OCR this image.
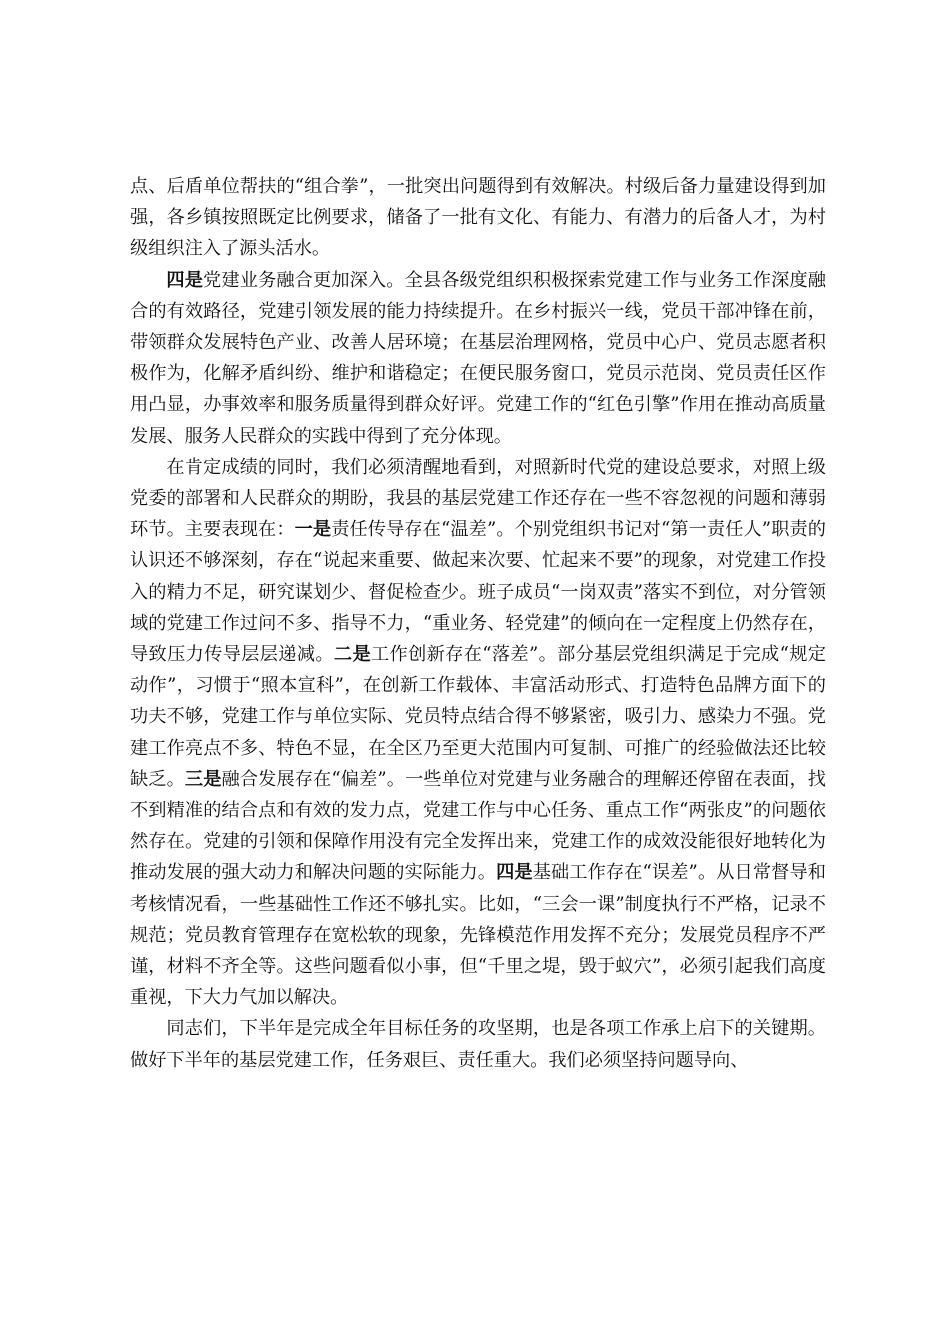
点、后盾单位帮扶的“组合拳”，一批突出问题得到有效解决。村级后备力量建设得到加强，各乡镇按照既定比例要求，储备了一批有文化、有能力、有潜力的后备人才，为村级组织注入了源头活水。

四是党建业务融合更加深入。全县各级党组织积极探索党建工作与业务工作深度融合的有效路径，党建引领发展的能力持续提升。在乡村振兴一线，党员干部冲锋在前，带领群众发展特色产业、改善人居环境；在基层治理网格，党员中心户、党员志愿者积极作为，化解矛盾纠纷、维护和谐稳定；在便民服务窗口，党员示范岗、党员责任区作用凸显，办事效率和服务质量得到群众好评。党建工作的“红色引擎”作用在推动高质量发展、服务人民群众的实践中得到了充分体现。

在肯定成绩的同时，我们必须清醒地看到，对照新时代党的建设总要求，对照上级党委的部署和人民群众的期盼，我县的基层党建工作还存在一些不容忽视的问题和薄弱环节。主要表现在：一是责任传导存在“温差”。个别党组织书记对“第一责任人”职责的认识还不够深刻，存在“说起来重要、做起来次要、忙起来不要”的现象，对党建工作投入的精力不足，研究谋划少、督促检查少。班子成员“一岗双责”落实不到位，对分管领域的党建工作过问不多、指导不力，“重业务、轻党建”的倾向在一定程度上仍然存在，导致压力传导层层递减。二是工作创新存在“落差”。部分基层党组织满足于完成“规定动作”，习惯于“照本宣科”，在创新工作载体、丰富活动形式、打造特色品牌方面下的功夫不够，党建工作与单位实际、党员特点结合得不够紧密，吸引力、感染力不强。党建工作亮点不多、特色不显，在全区乃至更大范围内可复制、可推广的经验做法还比较缺乏。三是融合发展存在“偏差”。一些单位对党建与业务融合的理解还停留在表面，找不到精准的结合点和有效的发力点，党建工作与中心任务、重点工作“两张皮”的问题依然存在。党建的引领和保障作用没有完全发挥出来，党建工作的成效没能很好地转化为推动发展的强大动力和解决问题的实际能力。四是基础工作存在“误差”。从日常督导和考核情况看，一些基础性工作还不够扎实。比如，“三会一课”制度执行不严格，记录不规范；党员教育管理存在宽松软的现象，先锋模范作用发挥不充分；发展党员程序不严谨，材料不齐全等。这些问题看似小事，但“千里之堤，毁于蚁穴”，必须引起我们高度重视，下大力气加以解决。

同志们，下半年是完成全年目标任务的攻坚期，也是各项工作承上启下的关键期。做好下半年的基层党建工作，任务艰巨、责任重大。我们必须坚持问题导向、
